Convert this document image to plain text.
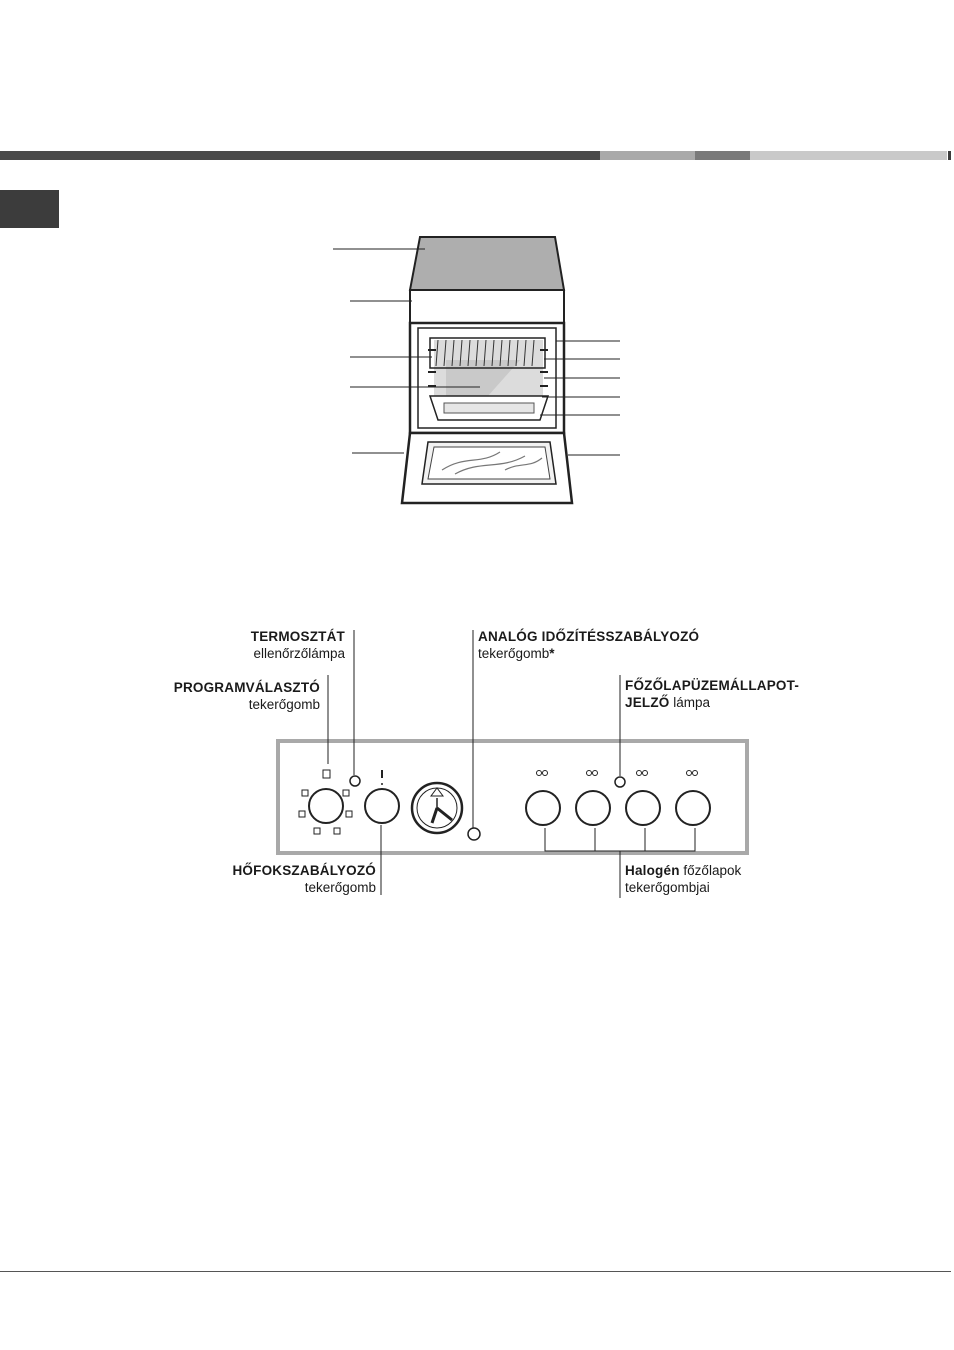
TERMOSZTÁT
ellenőrzőlámpa
PROGRAMVÁLASZTÓ
tekerőgomb
ANALÓG IDŐZÍTÉSSZABÁLYOZÓ
tekerőgomb*
FŐZŐLAPÜZEMÁLLAPOT-
JELZŐ lámpa
HŐFOKSZABÁLYOZÓ
tekerőgomb
Halogén főzőlapok
tekerőgombjai
